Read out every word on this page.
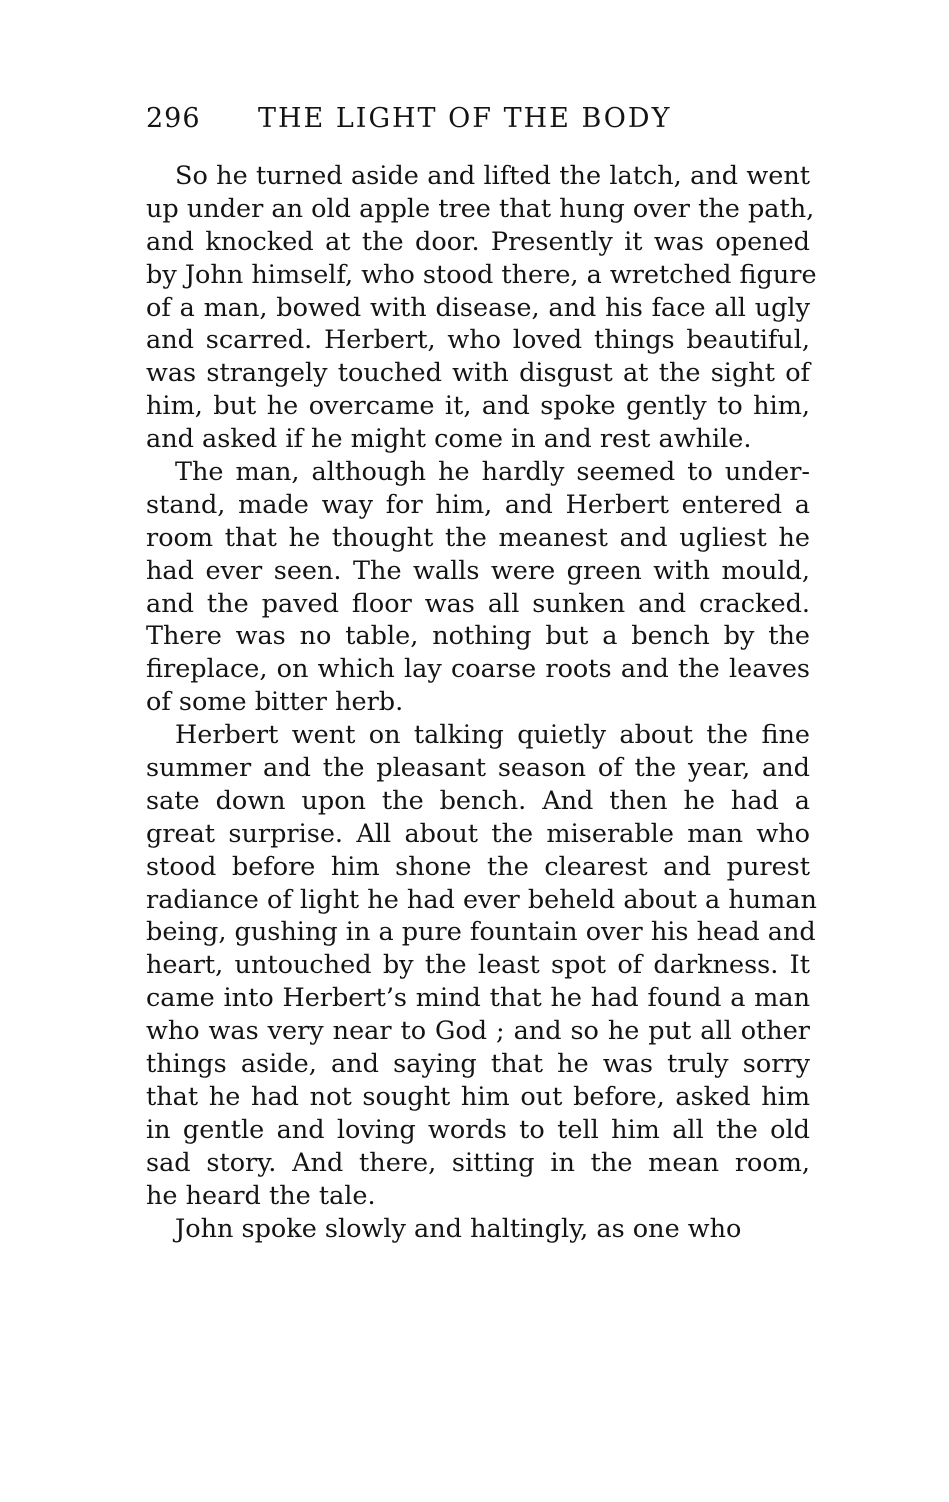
296 THE LIGHT OF THE BODY
So he turned aside and lifted the latch, and went
up under an old apple tree that hung over the path,
and knocked at the door. Presently it was opened
by John himself, who stood there, a wretched figure
of a man, bowed with disease, and his face all ugly
and scarred. Herbert, who loved things beautiful,
was strangely touched with disgust at the sight of
him, but he overcame it, and spoke gently to him,
and asked if he might come in and rest awhile.
The man, although he hardly seemed to under-
stand, made way for him, and Herbert entered a
room that he thought the meanest and ugliest he
had ever seen. The walls were green with mould,
and the paved floor was all sunken and cracked.
There was no table, nothing but a bench by the
fireplace, on which lay coarse roots and the leaves
of some bitter herb.
Herbert went on talking quietly about the fine
summer and the pleasant season of the year, and
sate down upon the bench. And then he had a
great surprise. All about the miserable man who
stood before him shone the clearest and purest
radiance of light he had ever beheld about a human
being, gushing in a pure fountain over his head and
heart, untouched by the least spot of darkness. It
came into Herbert’s mind that he had found a man
who was very near to God ; and so he put all other
things aside, and saying that he was truly sorry
that he had not sought him out before, asked him
in gentle and loving words to tell him all the old
sad story. And there, sitting in the mean room,
he heard the tale.
John spoke slowly and haltingly, as one who
